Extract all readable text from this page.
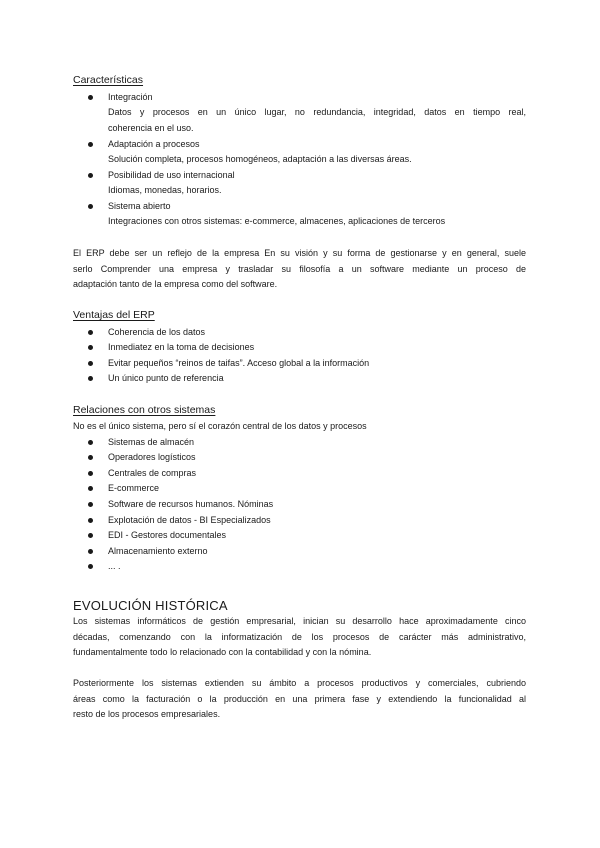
Características
Integración
Datos y procesos en un único lugar, no redundancia, integridad, datos en tiempo real,
coherencia en el uso.
Adaptación a procesos
Solución completa, procesos homogéneos, adaptación a las diversas áreas.
Posibilidad de uso internacional
Idiomas, monedas, horarios.
Sistema abierto
Integraciones con otros sistemas: e-commerce, almacenes, aplicaciones de terceros
El ERP debe ser un reflejo de la empresa En su visión y su forma de gestionarse y en general, suele
serlo Comprender una empresa y trasladar su filosofía a un software mediante un proceso de
adaptación tanto de la empresa como del software.
Ventajas del ERP
Coherencia de los datos
Inmediatez en la toma de decisiones
Evitar pequeños “reinos de taifas”. Acceso global a la información
Un único punto de referencia
Relaciones con otros sistemas
No es el único sistema, pero sí el corazón central de los datos y procesos
Sistemas de almacén
Operadores logísticos
Centrales de compras
E-commerce
Software de recursos humanos. Nóminas
Explotación de datos - BI Especializados
EDI - Gestores documentales
Almacenamiento externo
... .
EVOLUCIÓN HISTÓRICA
Los sistemas informáticos de gestión empresarial, inician su desarrollo hace aproximadamente cinco
décadas, comenzando con la informatización de los procesos de carácter más administrativo,
fundamentalmente todo lo relacionado con la contabilidad y con la nómina.
Posteriormente los sistemas extienden su ámbito a procesos productivos y comerciales, cubriendo
áreas como la facturación o la producción en una primera fase y extendiendo la funcionalidad al
resto de los procesos empresariales.
